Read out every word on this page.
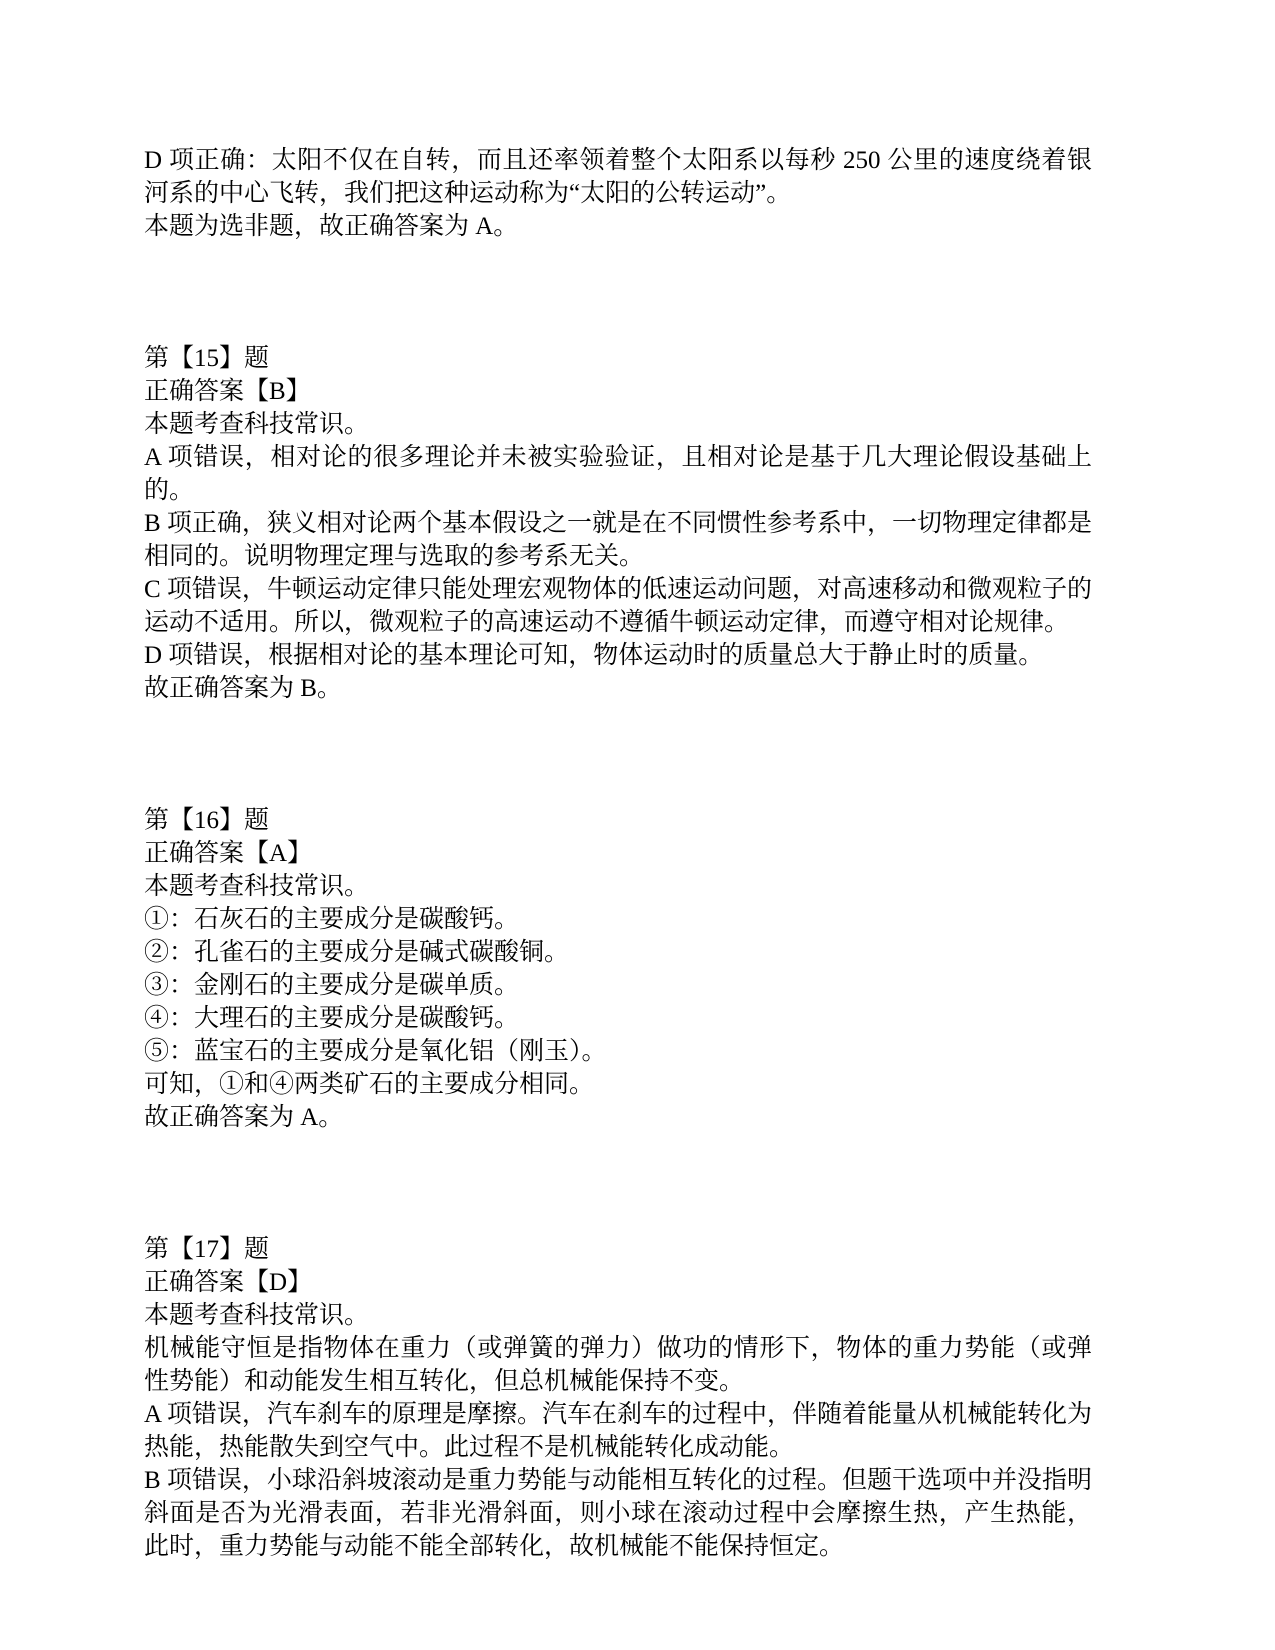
D 项正确：太阳不仅在自转，而且还率领着整个太阳系以每秒 250 公里的速度绕着银河系的中心飞转，我们把这种运动称为“太阳的公转运动”。

本题为选非题，故正确答案为 A。

第【15】题

正确答案【B】

本题考查科技常识。

A 项错误，相对论的很多理论并未被实验验证，且相对论是基于几大理论假设基础上的。

B 项正确，狭义相对论两个基本假设之一就是在不同惯性参考系中，一切物理定律都是相同的。说明物理定理与选取的参考系无关。

C 项错误，牛顿运动定律只能处理宏观物体的低速运动问题，对高速移动和微观粒子的运动不适用。所以，微观粒子的高速运动不遵循牛顿运动定律，而遵守相对论规律。

D 项错误，根据相对论的基本理论可知，物体运动时的质量总大于静止时的质量。

故正确答案为 B。

第【16】题

正确答案【A】

本题考查科技常识。

①：石灰石的主要成分是碳酸钙。

②：孔雀石的主要成分是碱式碳酸铜。

③：金刚石的主要成分是碳单质。

④：大理石的主要成分是碳酸钙。

⑤：蓝宝石的主要成分是氧化铝（刚玉）。

可知，①和④两类矿石的主要成分相同。

故正确答案为 A。

第【17】题

正确答案【D】

本题考查科技常识。

机械能守恒是指物体在重力（或弹簧的弹力）做功的情形下，物体的重力势能（或弹性势能）和动能发生相互转化，但总机械能保持不变。

A 项错误，汽车刹车的原理是摩擦。汽车在刹车的过程中，伴随着能量从机械能转化为热能，热能散失到空气中。此过程不是机械能转化成动能。

B 项错误，小球沿斜坡滚动是重力势能与动能相互转化的过程。但题干选项中并没指明斜面是否为光滑表面，若非光滑斜面，则小球在滚动过程中会摩擦生热，产生热能，此时，重力势能与动能不能全部转化，故机械能不能保持恒定。
